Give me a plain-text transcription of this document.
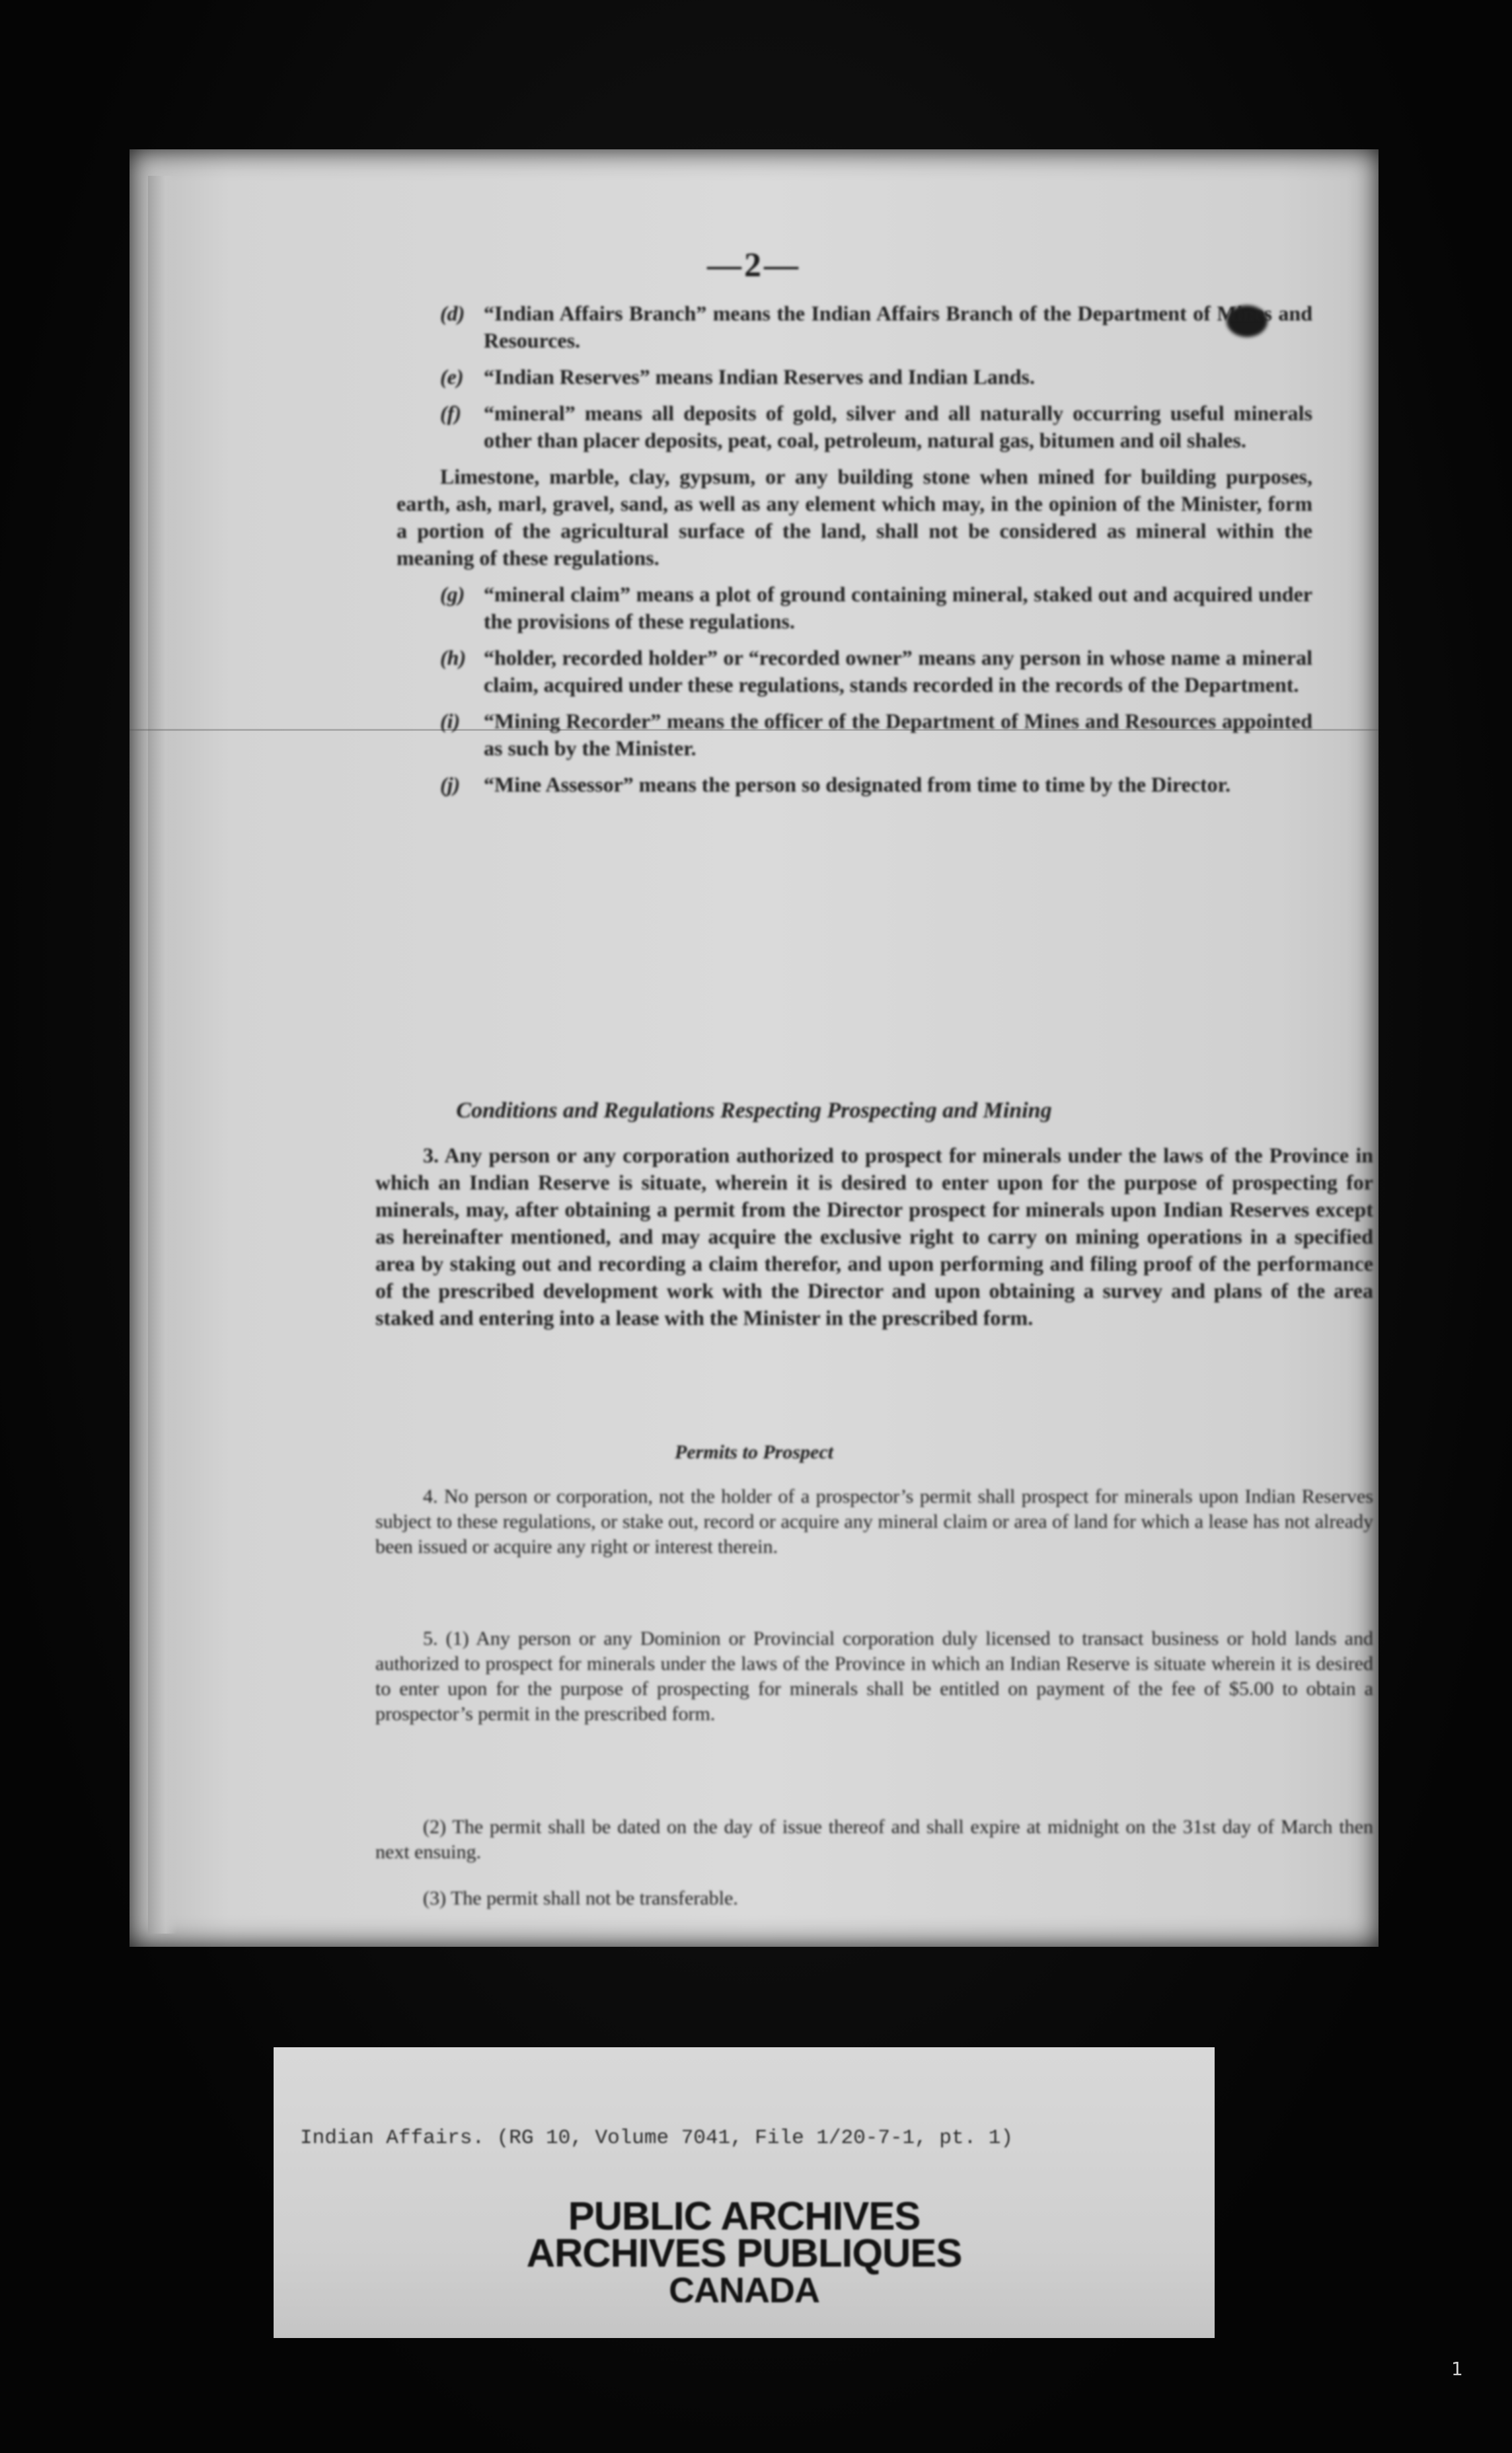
—2—
(d) “Indian Affairs Branch” means the Indian Affairs Branch of the Department of Mines and Resources.
(e) “Indian Reserves” means Indian Reserves and Indian Lands.
(f) “mineral” means all deposits of gold, silver and all naturally occurring useful minerals other than placer deposits, peat, coal, petroleum, natural gas, bitumen and oil shales.
Limestone, marble, clay, gypsum, or any building stone when mined for building purposes, earth, ash, marl, gravel, sand, as well as any element which may, in the opinion of the Minister, form a portion of the agricultural surface of the land, shall not be considered as mineral within the meaning of these regulations.
(g) “mineral claim” means a plot of ground containing mineral, staked out and acquired under the provisions of these regulations.
(h) “holder, recorded holder” or “recorded owner” means any person in whose name a mineral claim, acquired under these regulations, stands recorded in the records of the Department.
(i) “Mining Recorder” means the officer of the Department of Mines and Resources appointed as such by the Minister.
(j) “Mine Assessor” means the person so designated from time to time by the Director.
Conditions and Regulations Respecting Prospecting and Mining
3. Any person or any corporation authorized to prospect for minerals under the laws of the Province in which an Indian Reserve is situate, wherein it is desired to enter upon for the purpose of prospecting for minerals, may, after obtaining a permit from the Director prospect for minerals upon Indian Reserves except as hereinafter mentioned, and may acquire the exclusive right to carry on mining operations in a specified area by staking out and recording a claim therefor, and upon performing and filing proof of the performance of the prescribed development work with the Director and upon obtaining a survey and plans of the area staked and entering into a lease with the Minister in the prescribed form.
Permits to Prospect
4. No person or corporation, not the holder of a prospector’s permit shall prospect for minerals upon Indian Reserves subject to these regulations, or stake out, record or acquire any mineral claim or area of land for which a lease has not already been issued or acquire any right or interest therein.
5. (1) Any person or any Dominion or Provincial corporation duly licensed to transact business or hold lands and authorized to prospect for minerals under the laws of the Province in which an Indian Reserve is situate wherein it is desired to enter upon for the purpose of prospecting for minerals shall be entitled on payment of the fee of $5.00 to obtain a prospector’s permit in the prescribed form.
(2) The permit shall be dated on the day of issue thereof and shall expire at midnight on the 31st day of March then next ensuing.
(3) The permit shall not be transferable.
Indian Affairs. (RG 10, Volume 7041, File 1/20-7-1, pt. 1)
PUBLIC ARCHIVES
ARCHIVES PUBLIQUES
CANADA
1
